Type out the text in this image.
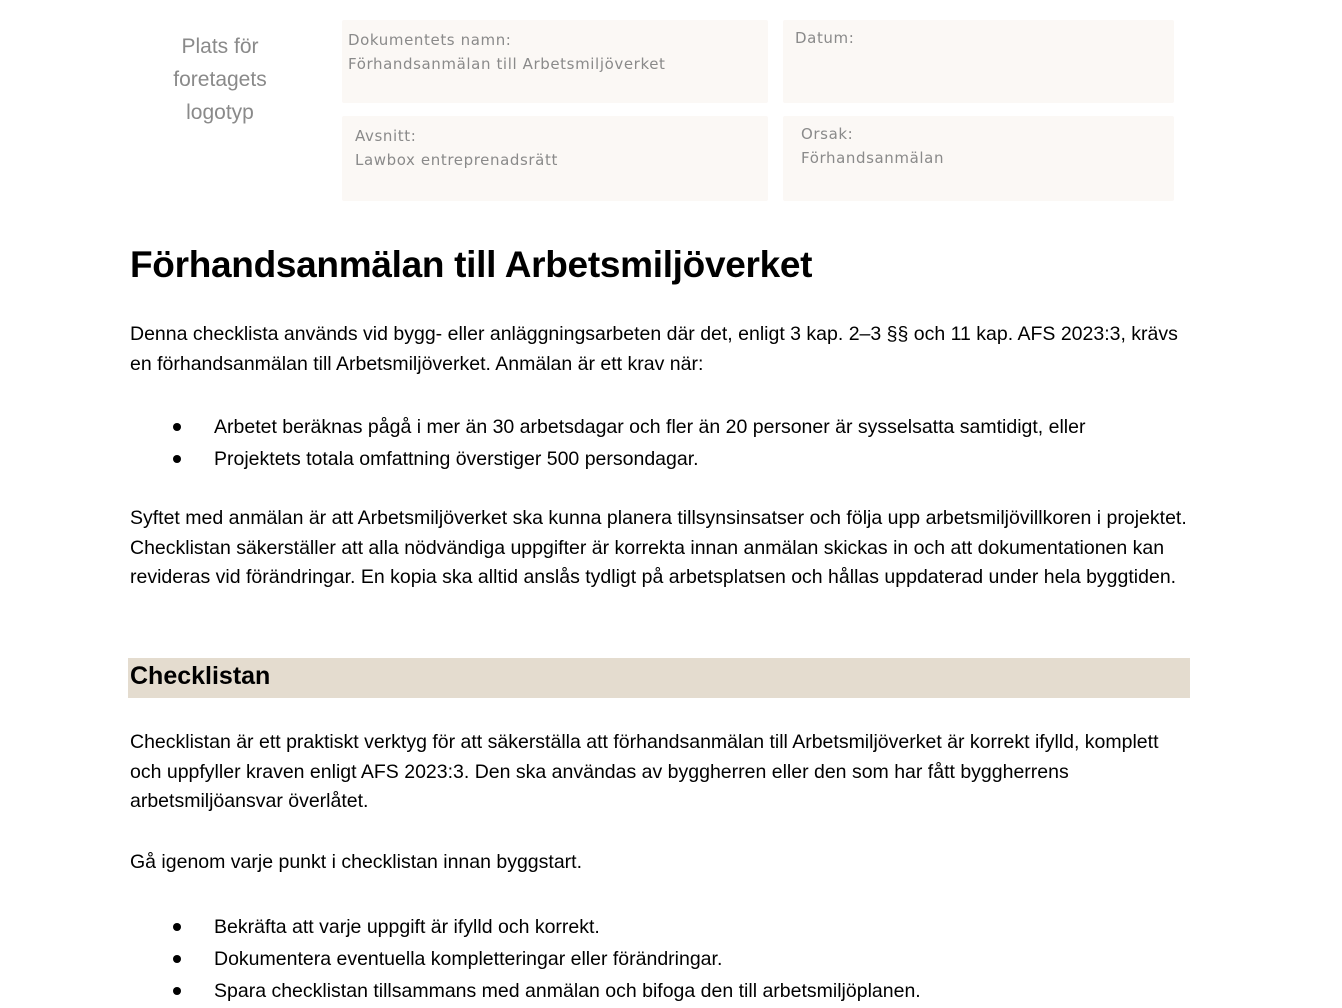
Plats för
foretagets
logotyp
Dokumentets namn:
Förhandsanmälan till Arbetsmiljöverket
Datum:
Avsnitt:
Lawbox entreprenadsrätt
Orsak:
Förhandsanmälan
Förhandsanmälan till Arbetsmiljöverket

Denna checklista används vid bygg- eller anläggningsarbeten där det, enligt 3 kap. 2–3 §§ och 11 kap. AFS 2023:3, krävs en förhandsanmälan till Arbetsmiljöverket. Anmälan är ett krav när:

Arbetet beräknas pågå i mer än 30 arbetsdagar och fler än 20 personer är sysselsatta samtidigt, eller
Projektets totala omfattning överstiger 500 persondagar.

Syftet med anmälan är att Arbetsmiljöverket ska kunna planera tillsynsinsatser och följa upp arbetsmiljövillkoren i projektet. Checklistan säkerställer att alla nödvändiga uppgifter är korrekta innan anmälan skickas in och att dokumentationen kan revideras vid förändringar. En kopia ska alltid anslås tydligt på arbetsplatsen och hållas uppdaterad under hela byggtiden.

Checklistan

Checklistan är ett praktiskt verktyg för att säkerställa att förhandsanmälan till Arbetsmiljöverket är korrekt ifylld, komplett och uppfyller kraven enligt AFS 2023:3. Den ska användas av byggherren eller den som har fått byggherrens arbetsmiljöansvar överlåtet.

Gå igenom varje punkt i checklistan innan byggstart.

Bekräfta att varje uppgift är ifylld och korrekt.
Dokumentera eventuella kompletteringar eller förändringar.
Spara checklistan tillsammans med anmälan och bifoga den till arbetsmiljöplanen.
